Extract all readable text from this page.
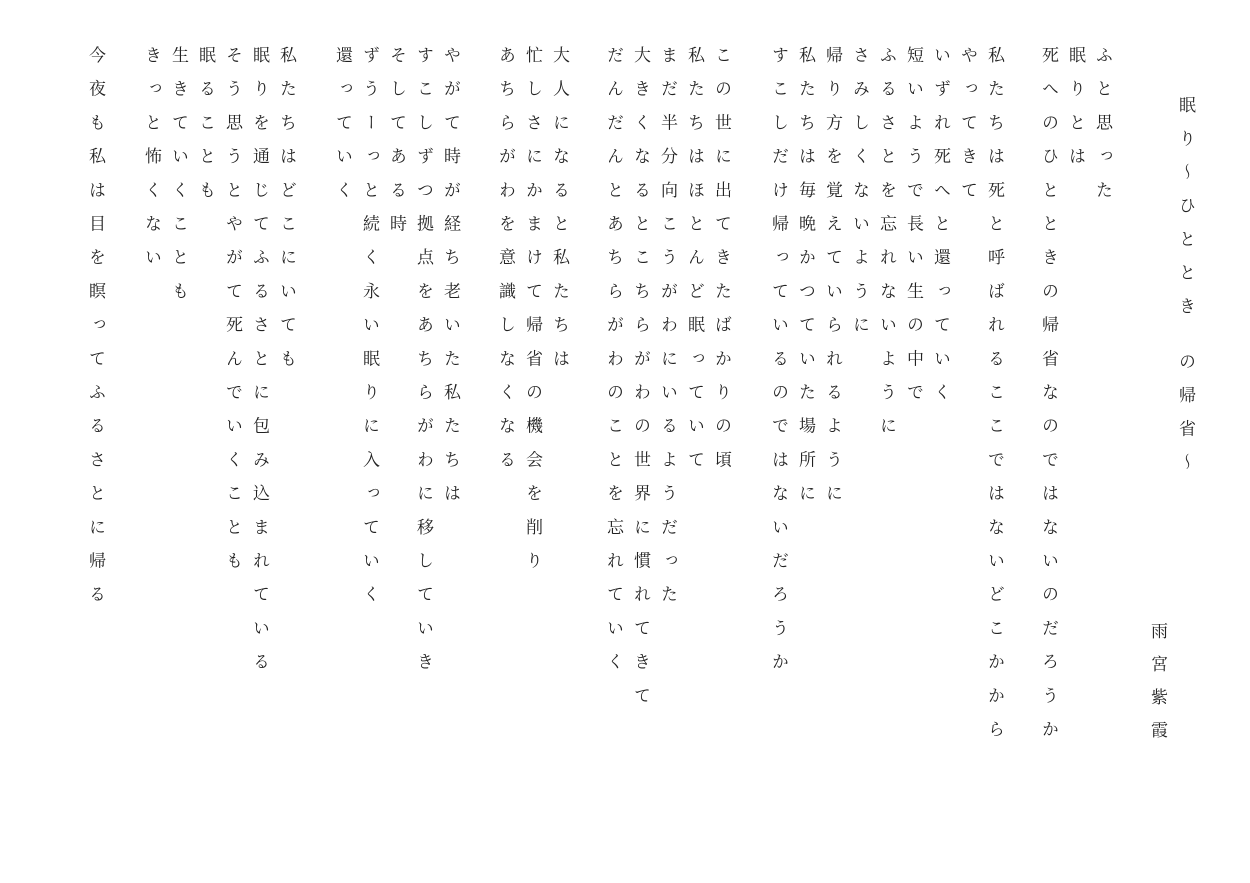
眠り〜ひととき の帰省〜
雨宮紫霞
ふと思った
眠りとは
死へのひとときの帰省なのではないのだろうか
私たちは死と呼ばれるここではないどこかから
やってきて
いずれ死へと還っていく
短いようで長い生の中で
ふるさとを忘れないように
さみしくないように
帰り方を覚えていられるように
私たちは毎晩かつていた場所に
すこしだけ帰っているのではないだろうか
この世に出てきたばかりの頃
私たちはほとんど眠っていて
まだ半分向こうがわにいるようだった
大きくなるとこちらがわの世界に慣れてきて
だんだんとあちらがわのことを忘れていく
大人になると私たちは
忙しさにかまけて帰省の機会を削り
あちらがわを意識しなくなる
やがて時が経ち老いた私たちは
すこしずつ拠点をあちらがわに移していき
そしてある時
ずうーっと続く永い眠りに入っていく
還っていく
私たちはどこにいても
眠りを通じてふるさとに包み込まれている
そう思うとやがて死んでいくことも
眠ることも
生きていくことも
きっと怖くない
今夜も私は目を瞑ってふるさとに帰る
